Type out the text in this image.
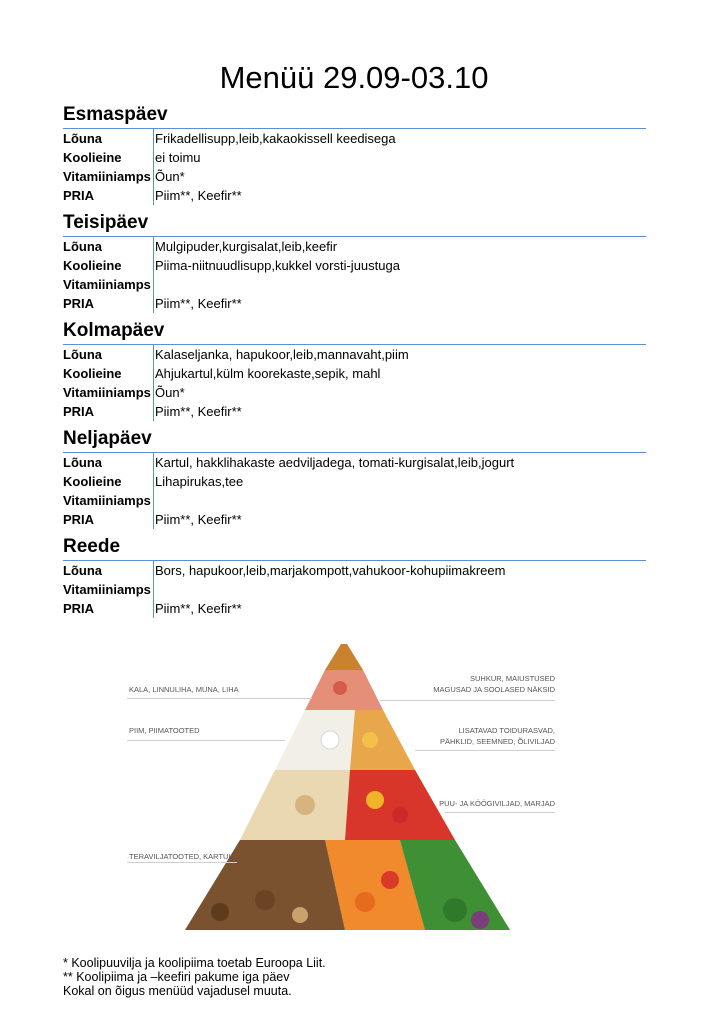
Menüü 29.09-03.10
Esmaspäev
Lõuna	Frikadellisupp,leib,kakaokissell keedisega
Koolieine	ei toimu
Vitamiiniamps Õun*
PRIA	Piim**, Keefir**
Teisipäev
Lõuna	Mulgipuder,kurgisalat,leib,keefir
Koolieine	Piima-niitnuudlisupp,kukkel vorsti-juustuga
Vitamiiniamps
PRIA	Piim**, Keefir**
Kolmapäev
Lõuna	Kalaseljanka, hapukoor,leib,mannavaht,piim
Koolieine	Ahjukartul,külm koorekaste,sepik, mahl
Vitamiiniamps Õun*
PRIA	Piim**, Keefir**
Neljapäev
Lõuna	Kartul, hakklihakaste aedviljadega, tomati-kurgisalat,leib,jogurt
Koolieine	Lihapirukas,tee
Vitamiiniamps
PRIA	Piim**, Keefir**
Reede
Lõuna	Bors, hapukoor,leib,marjakompott,vahukoor-kohupiimakreem
Vitamiiniamps
PRIA	Piim**, Keefir**
KALA, LINNULIHA, MUNA, LIHA
PIIM, PIIMATOOTED
TERAVILJATOOTED, KARTUL
SUHKUR, MAIUSTUSED
MAGUSAD JA SOOLASED NÄKSID
LISATAVAD TOIDURASVAD,
PÄHKLID, SEEMNED, ÕLIVILJAD
PUU- JA KÖÖGIVILJAD, MARJAD
* Koolipuuvilja ja koolipiima toetab Euroopa Liit.
** Koolipiima ja –keefiri pakume iga päev
Kokal on õigus menüüd vajadusel muuta.
